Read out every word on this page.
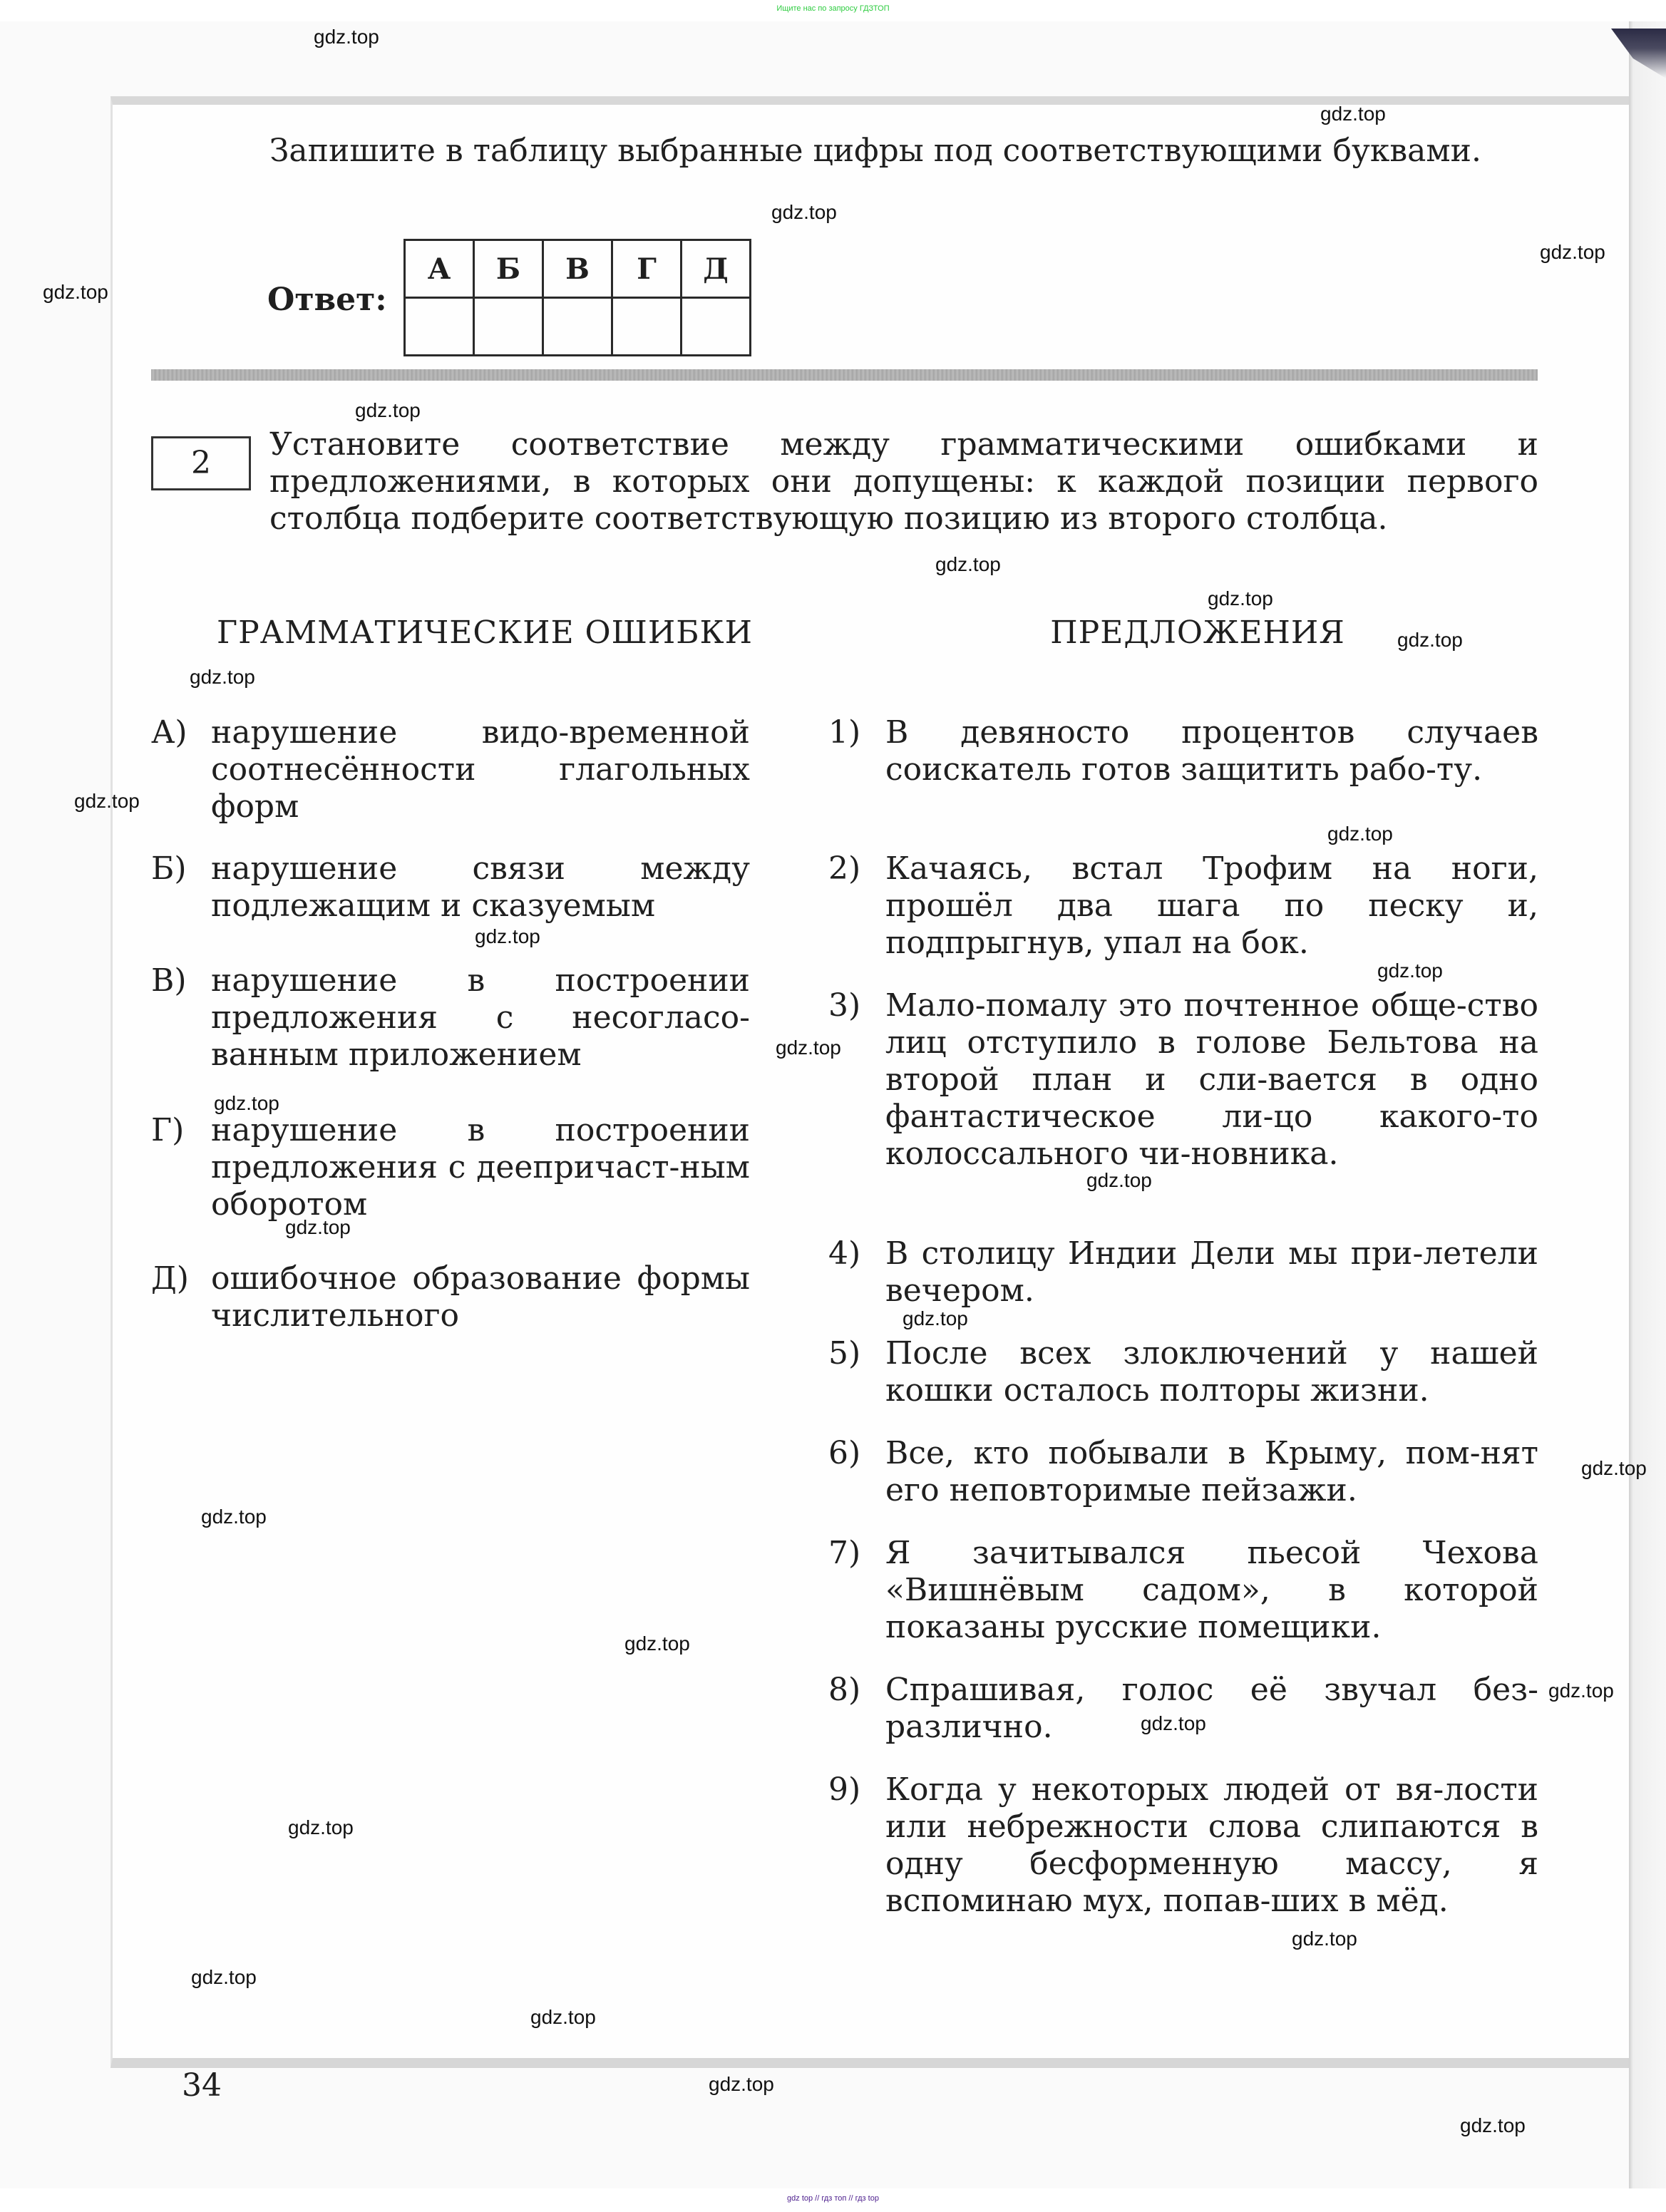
Ищите нас по запросу ГДЗТОП
Запишите в таблицу выбранные цифры под соответствующими буквами.
Ответ:
А	Б	В	Г	Д

2
Установите соответствие между грамматическими ошибками и предложениями, в которых они допущены: к каждой позиции первого столбца подберите соответствующую позицию из второго столбца.
ГРАММАТИЧЕСКИЕ ОШИБКИ	ПРЕДЛОЖЕНИЯ
А) нарушение видо-временной соотнесённости глагольных форм
Б) нарушение связи между подлежащим и сказуемым
В) нарушение в построении предложения с несогласо-ванным приложением
Г) нарушение в построении предложения с деепричаст-ным оборотом
Д) ошибочное образование формы числительного
1) В девяносто процентов случаев соискатель готов защитить рабо-ту.
2) Качаясь, встал Трофим на ноги, прошёл два шага по песку и, подпрыгнув, упал на бок.
3) Мало-помалу это почтенное обще-ство лиц отступило в голове Бельтова на второй план и сли-вается в одно фантастическое ли-цо какого-то колоссального чи-новника.
4) В столицу Индии Дели мы при-летели вечером.
5) После всех злоключений у нашей кошки осталось полторы жизни.
6) Все, кто побывали в Крыму, пом-нят его неповторимые пейзажи.
7) Я зачитывался пьесой Чехова «Вишнёвым садом», в которой показаны русские помещики.
8) Спрашивая, голос её звучал без-различно.
9) Когда у некоторых людей от вя-лости или небрежности слова слипаются в одну бесформенную массу, я вспоминаю мух, попав-ших в мёд.
34
gdz.top
gdz.top
gdz.top
gdz.top
gdz.top
gdz.top
gdz.top
gdz.top
gdz.top
gdz.top
gdz.top
gdz.top
gdz.top
gdz.top
gdz.top
gdz.top
gdz.top
gdz.top
gdz.top
gdz.top
gdz.top
gdz.top
gdz.top
gdz.top
gdz.top
gdz.top
gdz.top
gdz.top
gdz.top
gdz.top
gdz top // гдз топ // гдз top
